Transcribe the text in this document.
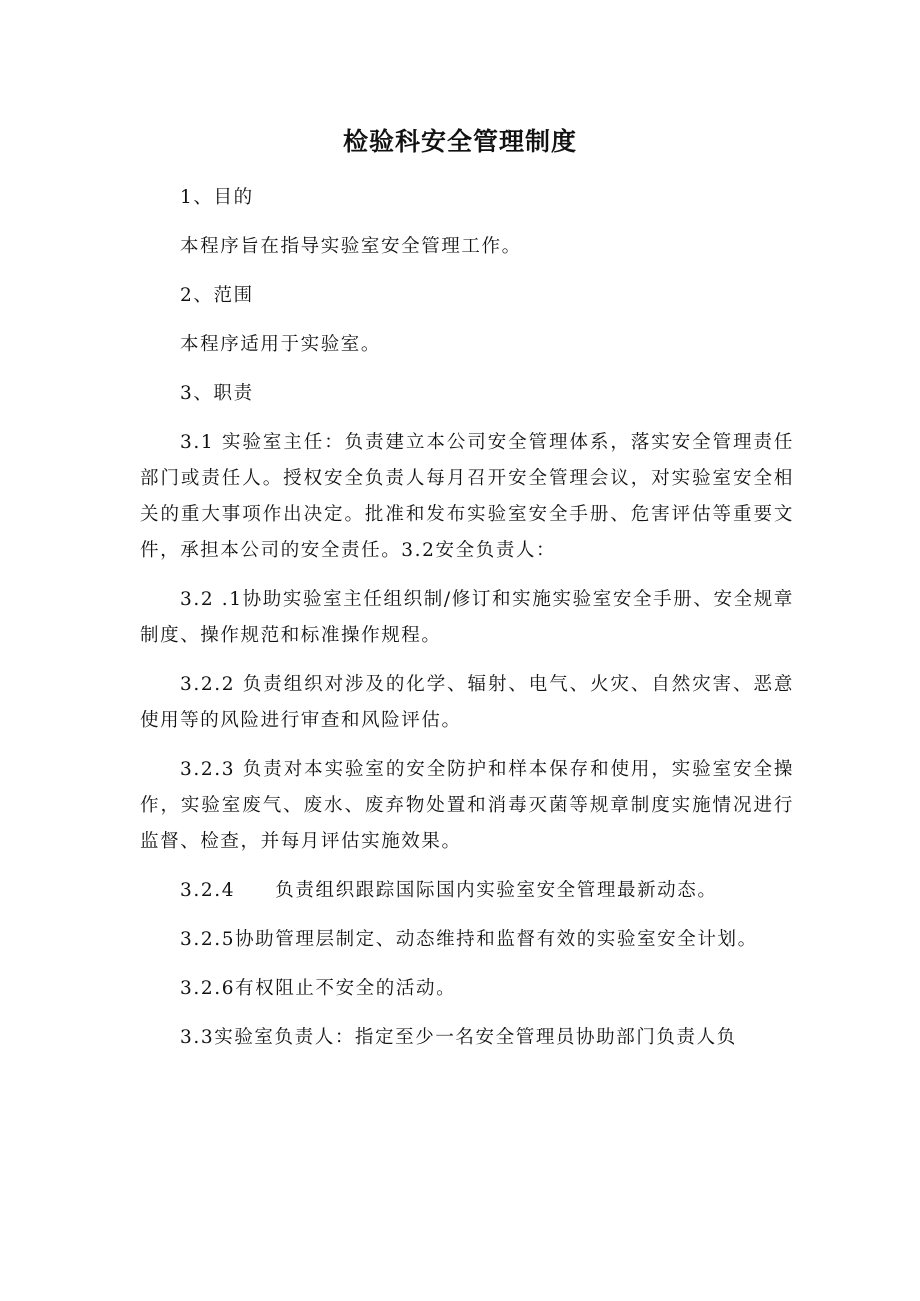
检验科安全管理制度

1、目的

本程序旨在指导实验室安全管理工作。

2、范围

本程序适用于实验室。

3、职责

3.1 实验室主任：负责建立本公司安全管理体系，落实安全管理责任部门或责任人。授权安全负责人每月召开安全管理会议，对实验室安全相关的重大事项作出决定。批准和发布实验室安全手册、危害评估等重要文件，承担本公司的安全责任。3.2安全负责人：

3.2 .1协助实验室主任组织制/修订和实施实验室安全手册、安全规章制度、操作规范和标准操作规程。

3.2.2 负责组织对涉及的化学、辐射、电气、火灾、自然灾害、恶意使用等的风险进行审查和风险评估。

3.2.3 负责对本实验室的安全防护和样本保存和使用，实验室安全操作，实验室废气、废水、废弃物处置和消毒灭菌等规章制度实施情况进行监督、检查，并每月评估实施效果。

3.2.4　　负责组织跟踪国际国内实验室安全管理最新动态。

3.2.5协助管理层制定、动态维持和监督有效的实验室安全计划。

3.2.6有权阻止不安全的活动。

3.3实验室负责人：指定至少一名安全管理员协助部门负责人负
